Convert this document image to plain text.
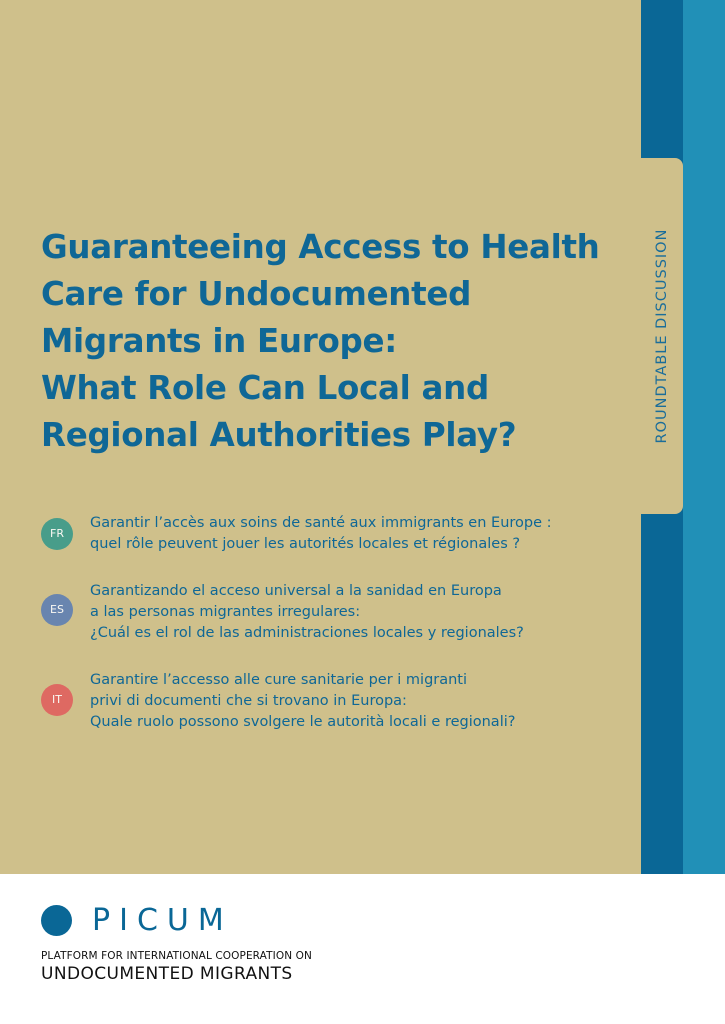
ROUNDTABLE DISCUSSION
Guaranteeing Access to Health
Care for Undocumented
Migrants in Europe:
What Role Can Local and
Regional Authorities Play?
FR
Garantir l’accès aux soins de santé aux immigrants en Europe :
quel rôle peuvent jouer les autorités locales et régionales ?
ES
Garantizando el acceso universal a la sanidad en Europa
a las personas migrantes irregulares:
¿Cuál es el rol de las administraciones locales y regionales?
IT
Garantire l’accesso alle cure sanitarie per i migranti
privi di documenti che si trovano in Europa:
Quale ruolo possono svolgere le autorità locali e regionali?

PICUM

PLATFORM FOR INTERNATIONAL COOPERATION ON
UNDOCUMENTED MIGRANTS
